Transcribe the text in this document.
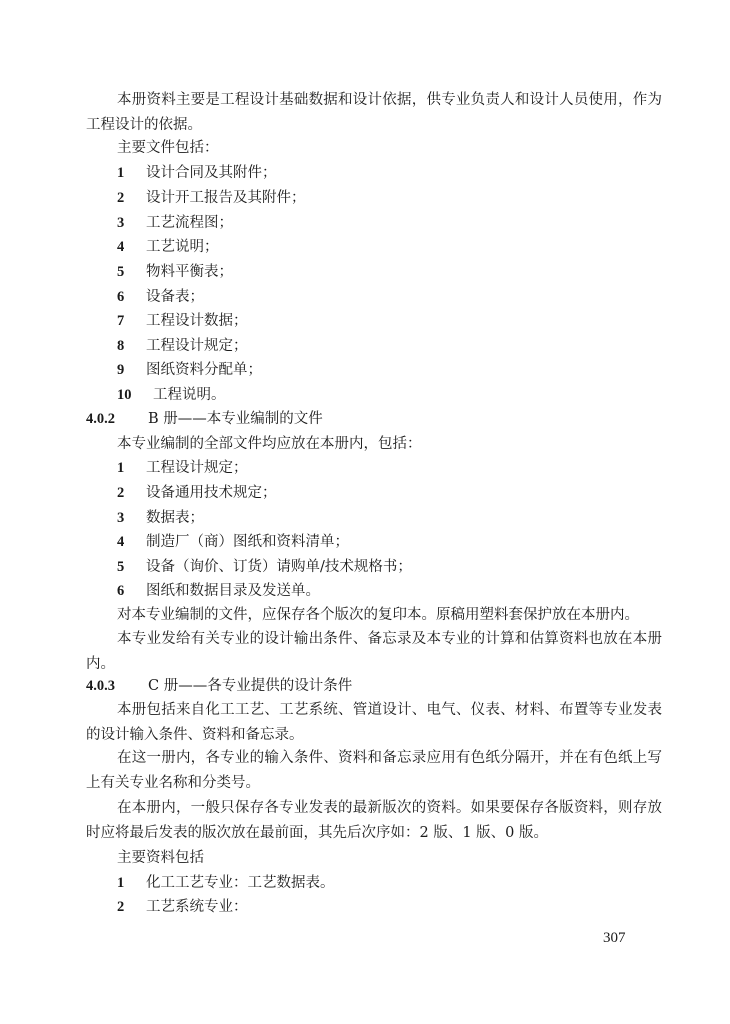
本册资料主要是工程设计基础数据和设计依据，供专业负责人和设计人员使用，作为工程设计的依据。
主要文件包括：
1 设计合同及其附件；
2 设计开工报告及其附件；
3 工艺流程图；
4 工艺说明；
5 物料平衡表；
6 设备表；
7 工程设计数据；
8 工程设计规定；
9 图纸资料分配单；
10 工程说明。
4.0.2 B 册——本专业编制的文件
本专业编制的全部文件均应放在本册内，包括：
1 工程设计规定；
2 设备通用技术规定；
3 数据表；
4 制造厂（商）图纸和资料清单；
5 设备（询价、订货）请购单/技术规格书；
6 图纸和数据目录及发送单。
对本专业编制的文件，应保存各个版次的复印本。原稿用塑料套保护放在本册内。
本专业发给有关专业的设计输出条件、备忘录及本专业的计算和估算资料也放在本册内。
4.0.3 C 册——各专业提供的设计条件
本册包括来自化工工艺、工艺系统、管道设计、电气、仪表、材料、布置等专业发表的设计输入条件、资料和备忘录。
在这一册内，各专业的输入条件、资料和备忘录应用有色纸分隔开，并在有色纸上写上有关专业名称和分类号。
在本册内，一般只保存各专业发表的最新版次的资料。如果要保存各版资料，则存放时应将最后发表的版次放在最前面，其先后次序如：2 版、1 版、0 版。
主要资料包括
1 化工工艺专业：工艺数据表。
2 工艺系统专业：
307
